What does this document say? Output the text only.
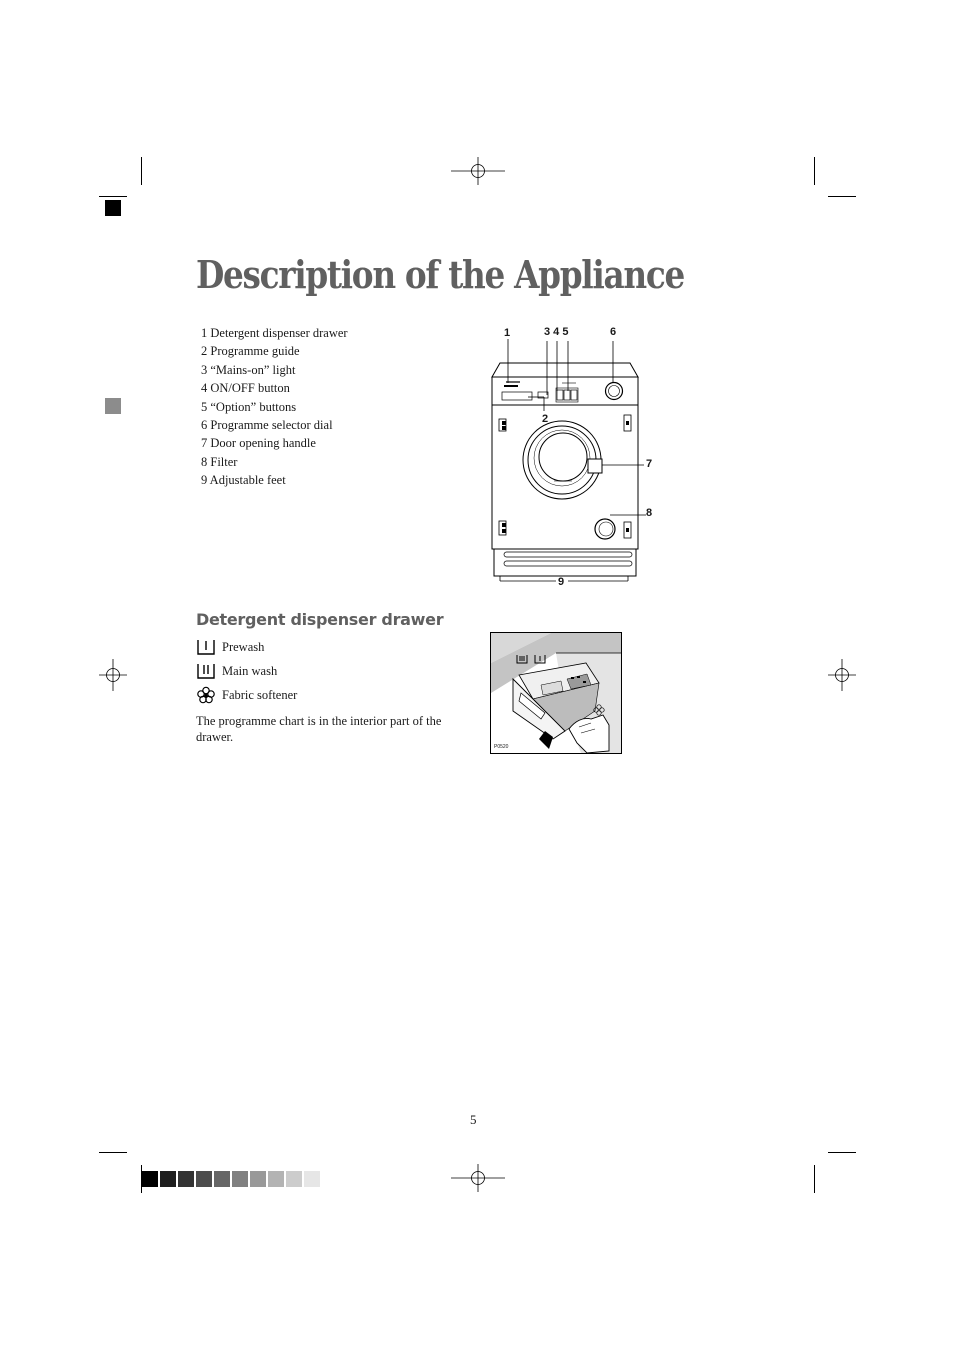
Description of the Appliance
1 Detergent dispenser drawer
2 Programme guide
3 “Mains-on” light
4 ON/OFF button
5 “Option” buttons
6 Programme selector dial
7 Door opening handle
8 Filter
9 Adjustable feet
1	3 4 5	6
2
7
8
9
Detergent dispenser drawer
Prewash
Main wash
Fabric softener

The programme chart is in the interior part of the drawer.

P0520
5
